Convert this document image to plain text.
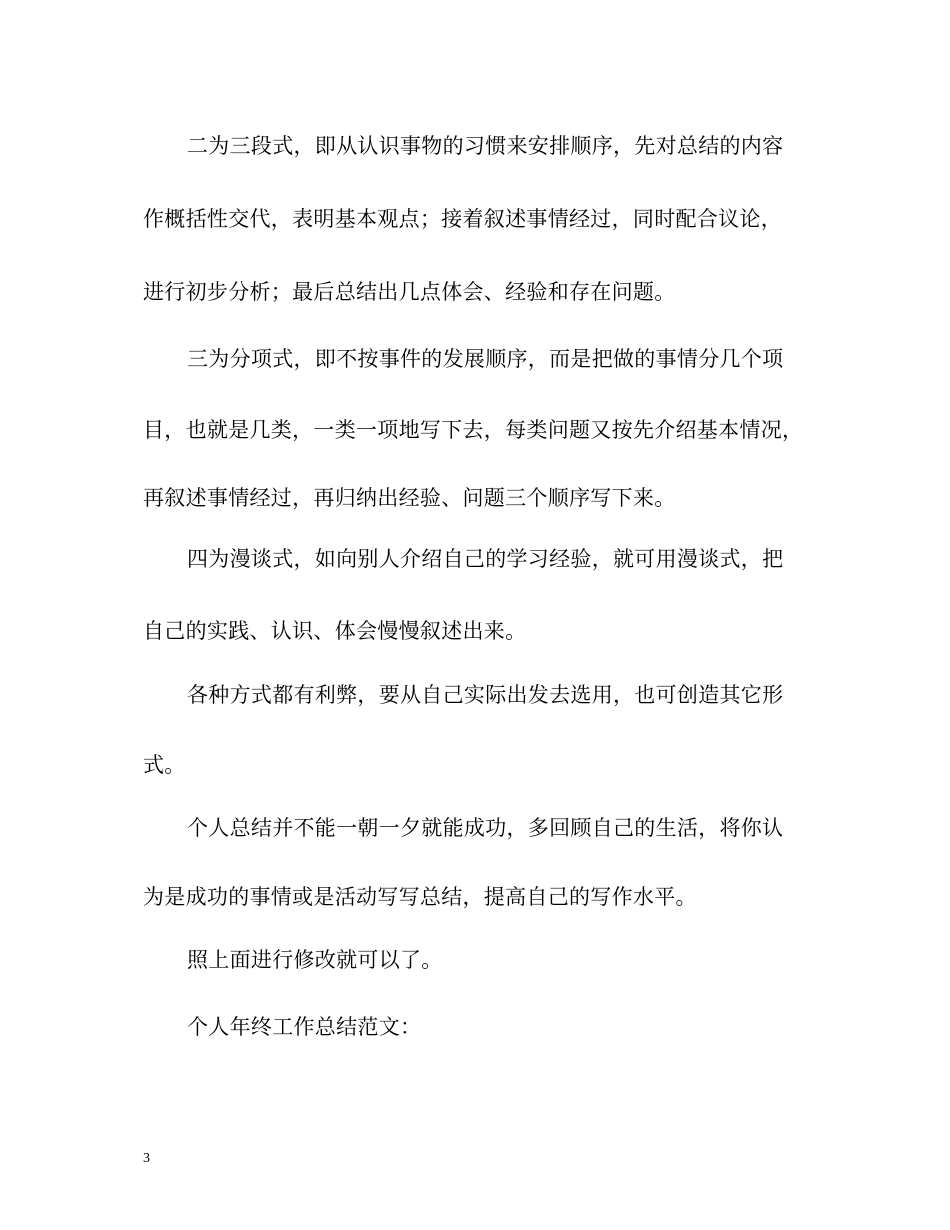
二为三段式，即从认识事物的习惯来安排顺序，先对总结的内容
作概括性交代，表明基本观点；接着叙述事情经过，同时配合议论，
进行初步分析；最后总结出几点体会、经验和存在问题。
三为分项式，即不按事件的发展顺序，而是把做的事情分几个项
目，也就是几类，一类一项地写下去，每类问题又按先介绍基本情况，
再叙述事情经过，再归纳出经验、问题三个顺序写下来。
四为漫谈式，如向别人介绍自己的学习经验，就可用漫谈式，把
自己的实践、认识、体会慢慢叙述出来。
各种方式都有利弊，要从自己实际出发去选用，也可创造其它形
式。
个人总结并不能一朝一夕就能成功，多回顾自己的生活，将你认
为是成功的事情或是活动写写总结，提高自己的写作水平。
照上面进行修改就可以了。
个人年终工作总结范文：
3
